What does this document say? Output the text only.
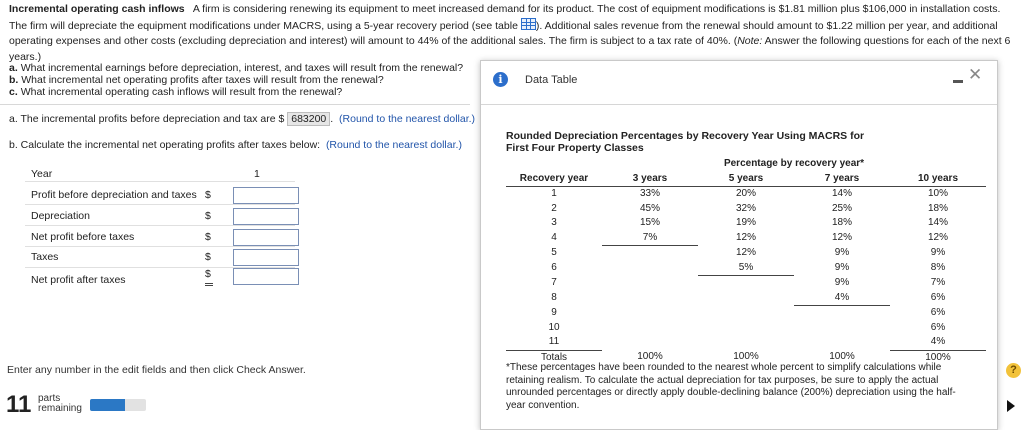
Incremental operating cash inflows A firm is considering renewing its equipment to meet increased demand for its product. The cost of equipment modifications is $1.81 million plus $106,000 in installation costs.
The firm will depreciate the equipment modifications under MACRS, using a 5-year recovery period (see table ). Additional sales revenue from the renewal should amount to $1.22 million per year, and additional
operating expenses and other costs (excluding depreciation and interest) will amount to 44% of the additional sales. The firm is subject to a tax rate of 40%. (Note: Answer the following questions for each of the next 6
years.)
a. What incremental earnings before depreciation, interest, and taxes will result from the renewal?
b. What incremental net operating profits after taxes will result from the renewal?
c. What incremental operating cash inflows will result from the renewal?
a. The incremental profits before depreciation and tax are $ 683200 . (Round to the nearest dollar.)
b. Calculate the incremental net operating profits after taxes below: (Round to the nearest dollar.)
Year	1
Profit before depreciation and taxes $
Depreciation	$
Net profit before taxes	$
Taxes	$
Net profit after taxes	$
Enter any number in the edit fields and then click Check Answer.
11 parts
remaining
i	Data Table	✕
Rounded Depreciation Percentages by Recovery Year Using MACRS for
First Four Property Classes
	Percentage by recovery year*			
Recovery year	3 years	5 years	7 years	10 years
1	33%	20%	14%	10%
2	45%	32%	25%	18%
3	15%	19%	18%	14%
4	7%	12%	12%	12%
5		12%	9%	9%
6		5%	9%	8%
7			9%	7%
8			4%	6%
9				6%
10				6%
11				4%
Totals	100%	100%	100%	100%
*These percentages have been rounded to the nearest whole percent to simplify calculations while retaining realism. To calculate the actual depreciation for tax purposes, be sure to apply the actual unrounded percentages or directly apply double-declining balance (200%) depreciation using the half-year convention.
?
